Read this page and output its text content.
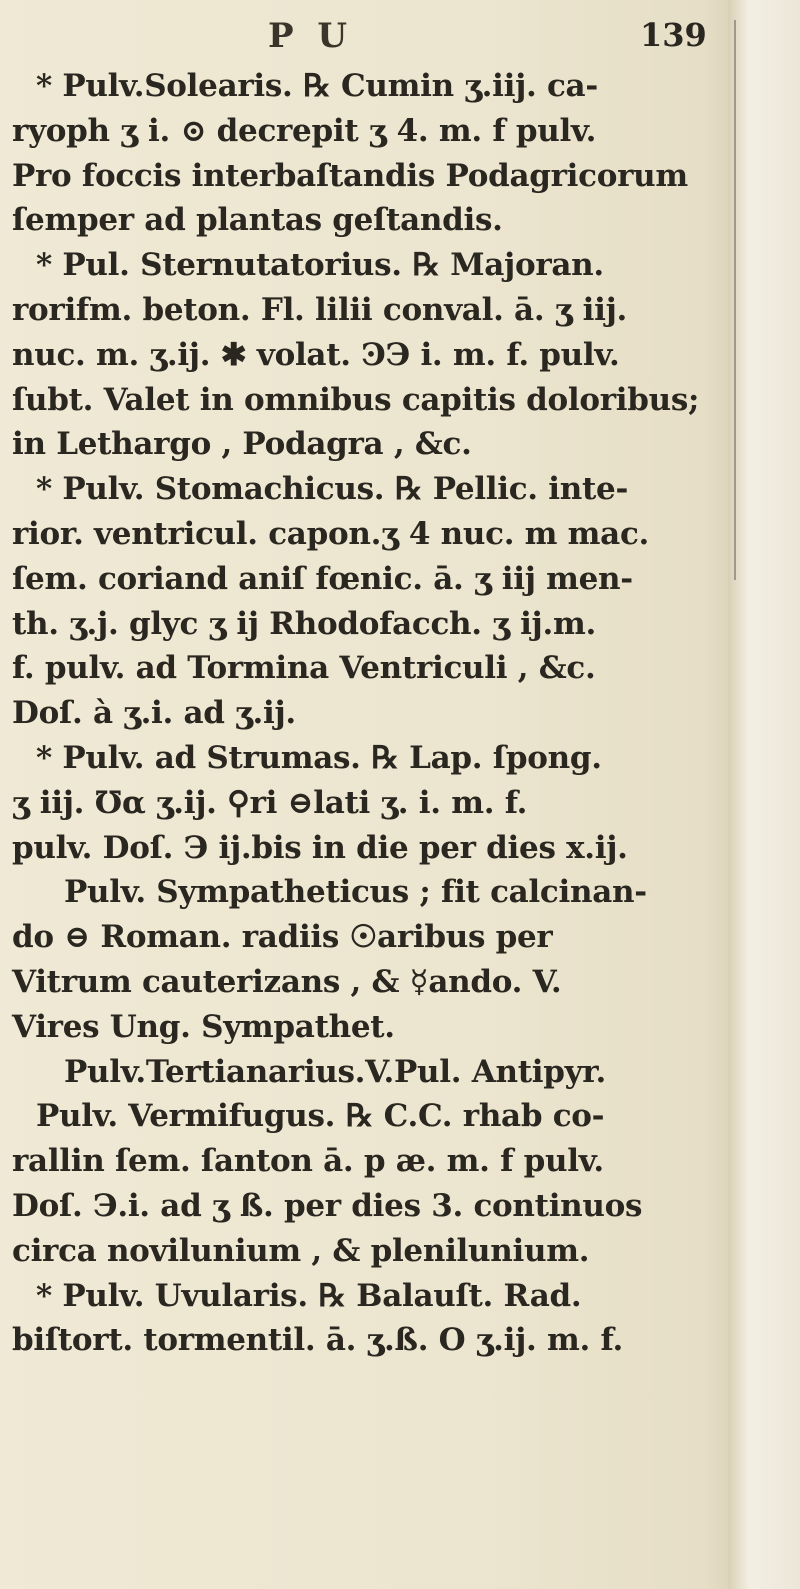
P U	139
* Pulv.Solearis. ℞ Cumin ʒ.iij. ca-
ryoph ʒ i. ⊙ decrepit ʒ 4. m. f pulv.
Pro foccis interbaſtandis Podagricorum
ſemper ad plantas geſtandis.
* Pul. Sternutatorius. ℞ Majoran.
rorifm. beton. Fl. lilii conval. ā. ʒ iij.
nuc. m. ʒ.ij. ✱ volat. ϿЭ i. m. f. pulv.
ſubt. Valet in omnibus capitis doloribus;
in Lethargo , Podagra , &c.
* Pulv. Stomachicus. ℞ Pellic. inte-
rior. ventricul. capon.ʒ 4 nuc. m mac.
ſem. coriand aniſ fœnic. ā. ʒ iij men-
th. ʒ.j. glyc ʒ ij Rhodofacch. ʒ ij.m.
f. pulv. ad Tormina Ventriculi , &c.
Doſ. à ʒ.i. ad ʒ.ij.
* Pulv. ad Strumas. ℞ Lap. ſpong.
ʒ iij. ℧α ʒ.ij. ⚲ri ⊖lati ʒ. i. m. f.
pulv. Doſ. Э ij.bis in die per dies x.ij.
Pulv. Sympatheticus ; fit calcinan-
do ⊖ Roman. radiis ☉aribus per
Vitrum cauterizans , & ☿ando. V.
Vires Ung. Sympathet.
Pulv.Tertianarius.V.Pul. Antipyr.
Pulv. Vermifugus. ℞ C.C. rhab co-
rallin ſem. ſanton ā. p æ. m. f pulv.
Doſ. Э.i. ad ʒ ß. per dies 3. continuos
circa novilunium , & plenilunium.
* Pulv. Uvularis. ℞ Balauſt. Rad.
biſtort. tormentil. ā. ʒ.ß. O ʒ.ij. m. f.
